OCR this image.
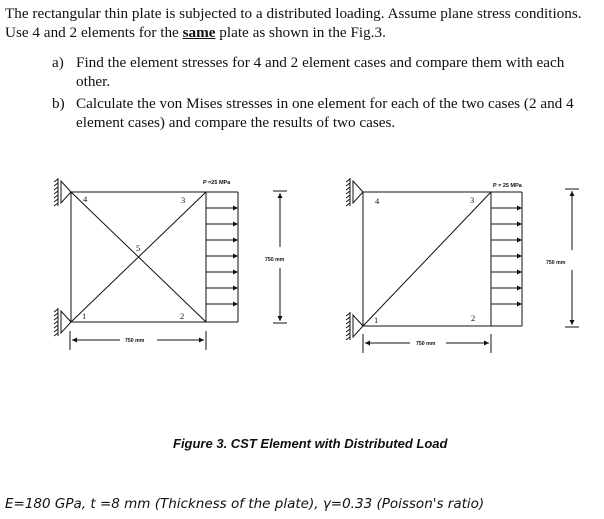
The rectangular thin plate is subjected to a distributed loading. Assume plane stress conditions. Use 4 and 2 elements for the same plate as shown in the Fig.3.
a) Find the element stresses for 4 and 2 element cases and compare them with each other.
b) Calculate the von Mises stresses in one element for each of the two cases (2 and 4 element cases) and compare the results of two cases.
4	3
5
1	2
P =25 MPa
750 mm
750 mm
4	3
1	2
P = 25 MPa
750 mm
750 mm
Figure 3. CST Element with Distributed Load
E=180 GPa, t =8 mm (Thickness of the plate), γ=0.33 (Poisson's ratio)
